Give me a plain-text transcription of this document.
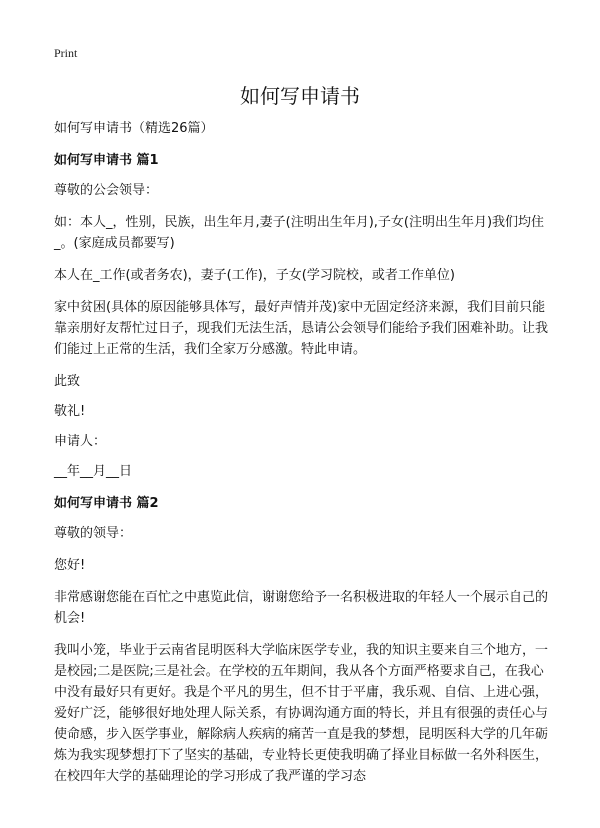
Print
如何写申请书

如何写申请书（精选26篇）

如何写申请书 篇1

尊敬的公会领导：

如：本人_，性别，民族，出生年月,妻子(注明出生年月),子女(注明出生年月)我们均住_。(家庭成员都要写)

本人在_工作(或者务农)，妻子(工作)，子女(学习院校，或者工作单位)

家中贫困(具体的原因能够具体写，最好声情并茂)家中无固定经济来源，我们目前只能靠亲朋好友帮忙过日子，现我们无法生活，恳请公会领导们能给予我们困难补助。让我们能过上正常的生活，我们全家万分感激。特此申请。

此致

敬礼!

申请人：

__年__月__日

如何写申请书 篇2

尊敬的领导：

您好!

非常感谢您能在百忙之中惠览此信，谢谢您给予一名积极进取的年轻人一个展示自己的机会!

我叫小笼，毕业于云南省昆明医科大学临床医学专业，我的知识主要来自三个地方，一是校园;二是医院;三是社会。在学校的五年期间，我从各个方面严格要求自己，在我心中没有最好只有更好。我是个平凡的男生，但不甘于平庸，我乐观、自信、上进心强，爱好广泛，能够很好地处理人际关系，有协调沟通方面的特长，并且有很强的责任心与使命感，步入医学事业，解除病人疾病的痛苦一直是我的梦想，昆明医科大学的几年砺炼为我实现梦想打下了坚实的基础，专业特长更使我明确了择业目标做一名外科医生，在校四年大学的基础理论的学习形成了我严谨的学习态
